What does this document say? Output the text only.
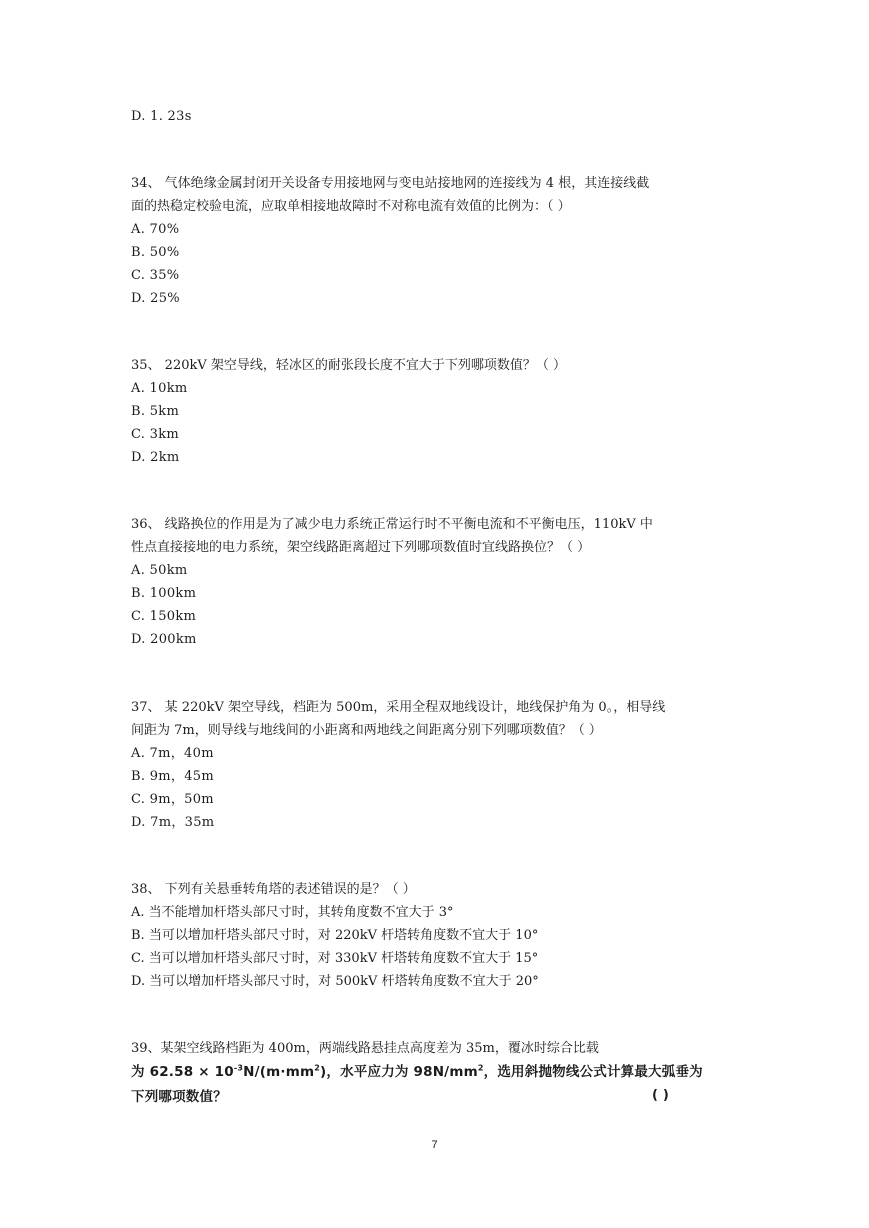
D. 1. 23s
34、 气体绝缘金属封闭开关设备专用接地网与变电站接地网的连接线为 4 根，其连接线截
面的热稳定校验电流，应取单相接地故障时不对称电流有效值的比例为：（ ）
A. 70%
B. 50%
C. 35%
D. 25%
35、 220kV 架空导线，轻冰区的耐张段长度不宜大于下列哪项数值？（ ）
A. 10km
B. 5km
C. 3km
D. 2km
36、 线路换位的作用是为了减少电力系统正常运行时不平衡电流和不平衡电压，110kV 中
性点直接接地的电力系统，架空线路距离超过下列哪项数值时宜线路换位？（ ）
A. 50km
B. 100km
C. 150km
D. 200km
37、 某 220kV 架空导线，档距为 500m，采用全程双地线设计，地线保护角为 0。，相导线
间距为 7m，则导线与地线间的小距离和两地线之间距离分别下列哪项数值？（ ）
A. 7m，40m
B. 9m，45m
C. 9m，50m
D. 7m，35m
38、 下列有关悬垂转角塔的表述错误的是？（ ）
A. 当不能增加杆塔头部尺寸时，其转角度数不宜大于 3°
B. 当可以增加杆塔头部尺寸时，对 220kV 杆塔转角度数不宜大于 10°
C. 当可以增加杆塔头部尺寸时，对 330kV 杆塔转角度数不宜大于 15°
D. 当可以增加杆塔头部尺寸时，对 500kV 杆塔转角度数不宜大于 20°
39、某架空线路档距为 400m，两端线路悬挂点高度差为 35m，覆冰时综合比载
为 $62.58 \times 10^{-3}N/(m\cdot mm^2)$，水平应力为 $98N/mm^2$，选用斜抛物线公式计算最大弧垂为
下列哪项数值？	( )
7
